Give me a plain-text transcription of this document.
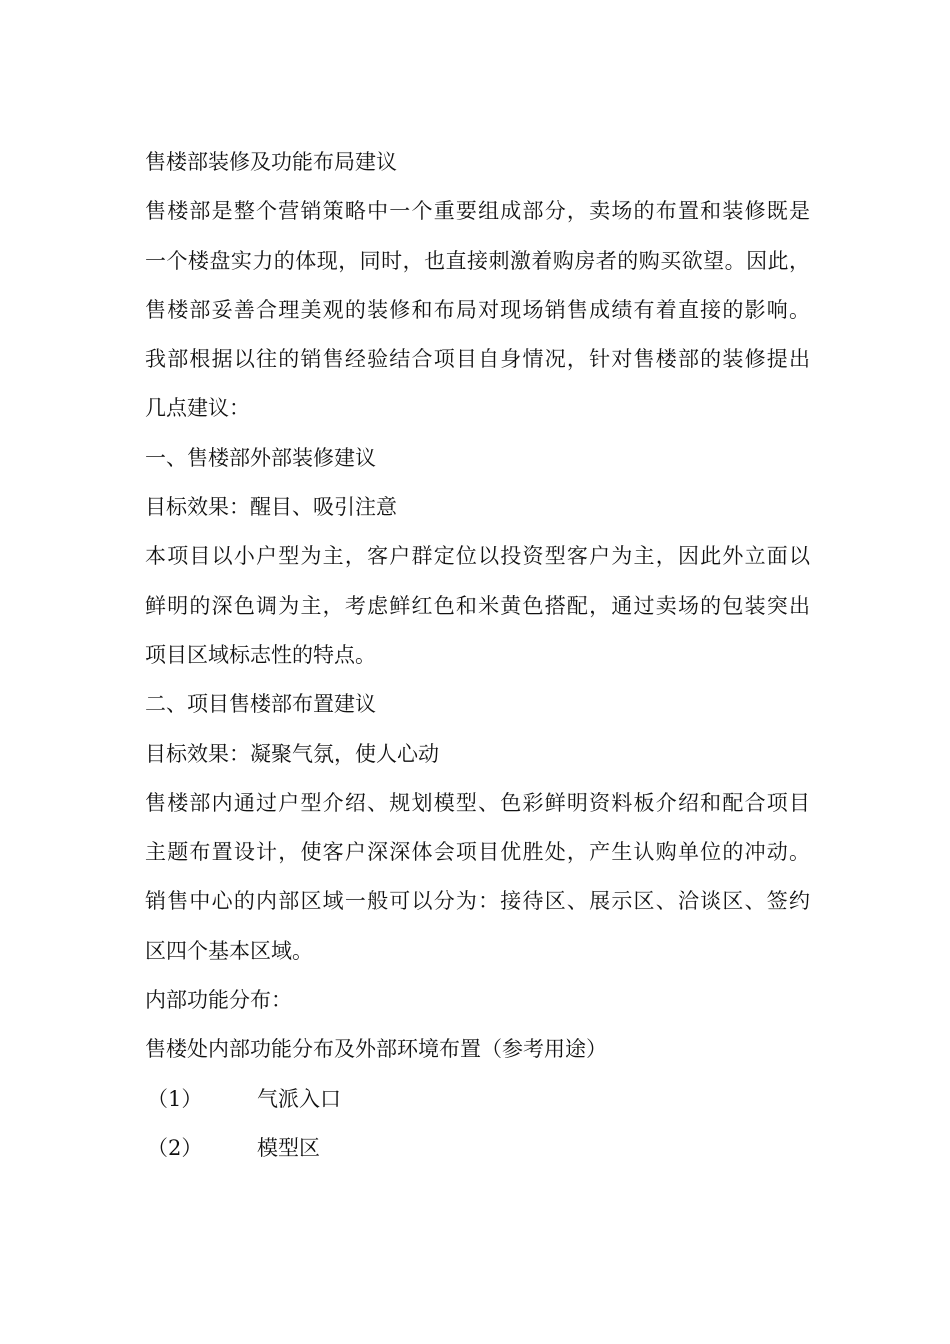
售楼部装修及功能布局建议

售楼部是整个营销策略中一个重要组成部分，卖场的布置和装修既是

一个楼盘实力的体现，同时，也直接刺激着购房者的购买欲望。因此，

售楼部妥善合理美观的装修和布局对现场销售成绩有着直接的影响。

我部根据以往的销售经验结合项目自身情况，针对售楼部的装修提出

几点建议：

一、售楼部外部装修建议

目标效果：醒目、吸引注意

本项目以小户型为主，客户群定位以投资型客户为主，因此外立面以

鲜明的深色调为主，考虑鲜红色和米黄色搭配，通过卖场的包装突出

项目区域标志性的特点。

二、项目售楼部布置建议

目标效果：凝聚气氛，使人心动

售楼部内通过户型介绍、规划模型、色彩鲜明资料板介绍和配合项目

主题布置设计，使客户深深体会项目优胜处，产生认购单位的冲动。

销售中心的内部区域一般可以分为：接待区、展示区、洽谈区、签约

区四个基本区域。

内部功能分布：

售楼处内部功能分布及外部环境布置（参考用途）

（1）	气派入口
（2）	模型区
